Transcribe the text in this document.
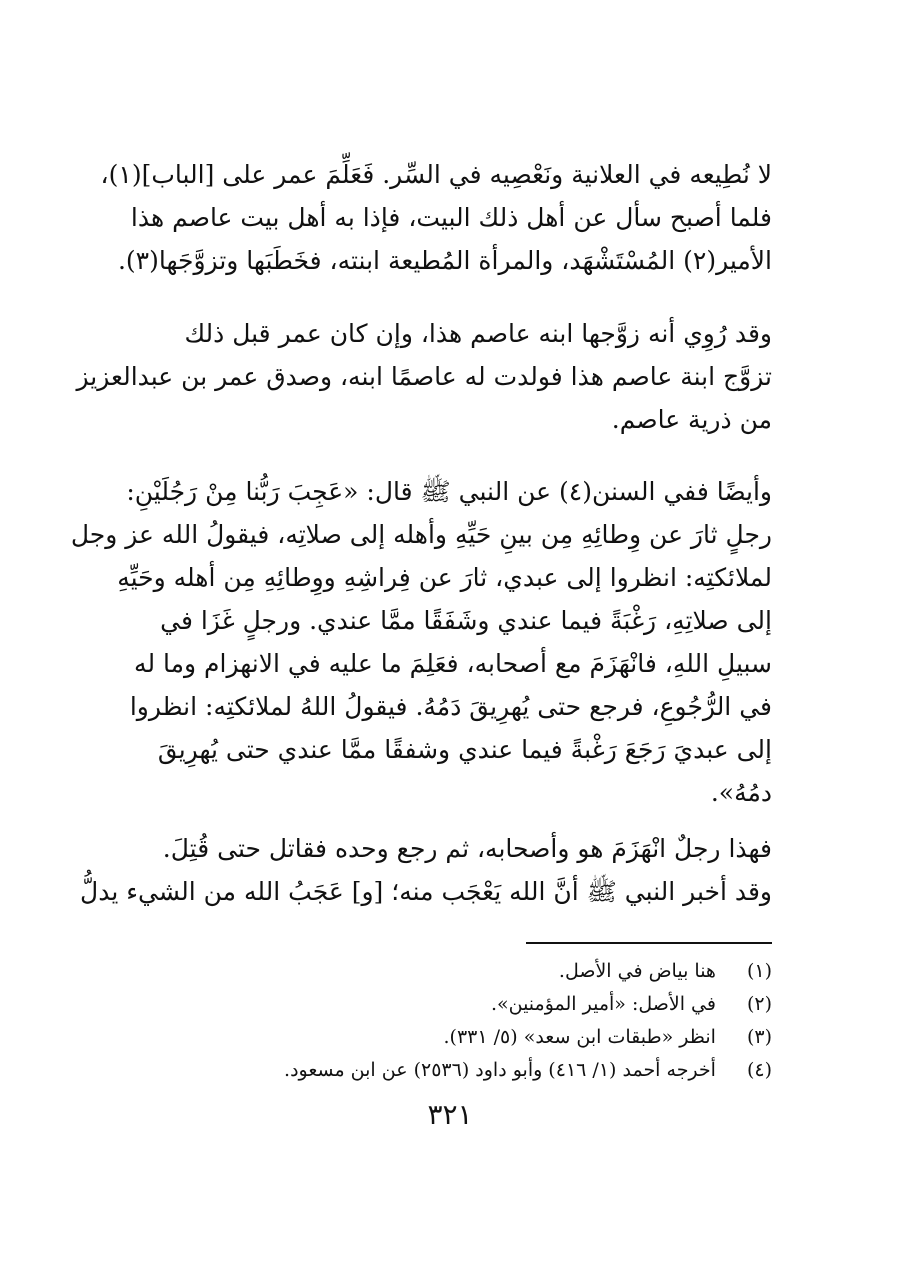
لا نُطِيعه في العلانية ونَعْصِيه في السِّر. فَعَلِّمَ عمر على [الباب](١)،
فلما أصبح سأل عن أهل ذلك البيت، فإذا به أهل بيت عاصم هذا
الأمير(٢) المُسْتَشْهَد، والمرأة المُطيعة ابنته، فخَطَبَها وتزوَّجَها(٣).
وقد رُوِي أنه زوَّجها ابنه عاصم هذا، وإن كان عمر قبل ذلك
تزوَّج ابنة عاصم هذا فولدت له عاصمًا ابنه، وصدق عمر بن عبدالعزيز
من ذرية عاصم.
وأيضًا ففي السنن(٤) عن النبي ﷺ قال: «عَجِبَ رَبُّنا مِنْ رَجُلَيْنِ:
رجلٍ ثارَ عن وِطائِهِ مِن بينِ حَيِّهِ وأهله إلى صلاتِه، فيقولُ الله عز وجل
لملائكتِه: انظروا إلى عبدي، ثارَ عن فِراشِهِ ووِطائِهِ مِن أهله وحَيِّهِ
إلى صلاتِهِ، رَغْبَةً فيما عندي وشَفَقًا ممَّا عندي. ورجلٍ غَزَا في
سبيلِ اللهِ، فانْهَزَمَ مع أصحابه، فعَلِمَ ما عليه في الانهزام وما له
في الرُّجُوعِ، فرجع حتى يُهرِيقَ دَمُهُ. فيقولُ اللهُ لملائكتِه: انظروا
إلى عبديَ رَجَعَ رَغْبةً فيما عندي وشفقًا ممَّا عندي حتى يُهرِيقَ
دمُهُ».
فهذا رجلٌ انْهَزَمَ هو وأصحابه، ثم رجع وحده فقاتل حتى قُتِلَ.
وقد أخبر النبي ﷺ أنَّ الله يَعْجَب منه؛ [و] عَجَبُ الله من الشيء يدلُّ
(١) هنا بياض في الأصل.
(٢) في الأصل: «أمير المؤمنين».
(٣) انظر «طبقات ابن سعد» (٥/ ٣٣١).
(٤) أخرجه أحمد (١/ ٤١٦) وأبو داود (٢٥٣٦) عن ابن مسعود.
٣٢١
